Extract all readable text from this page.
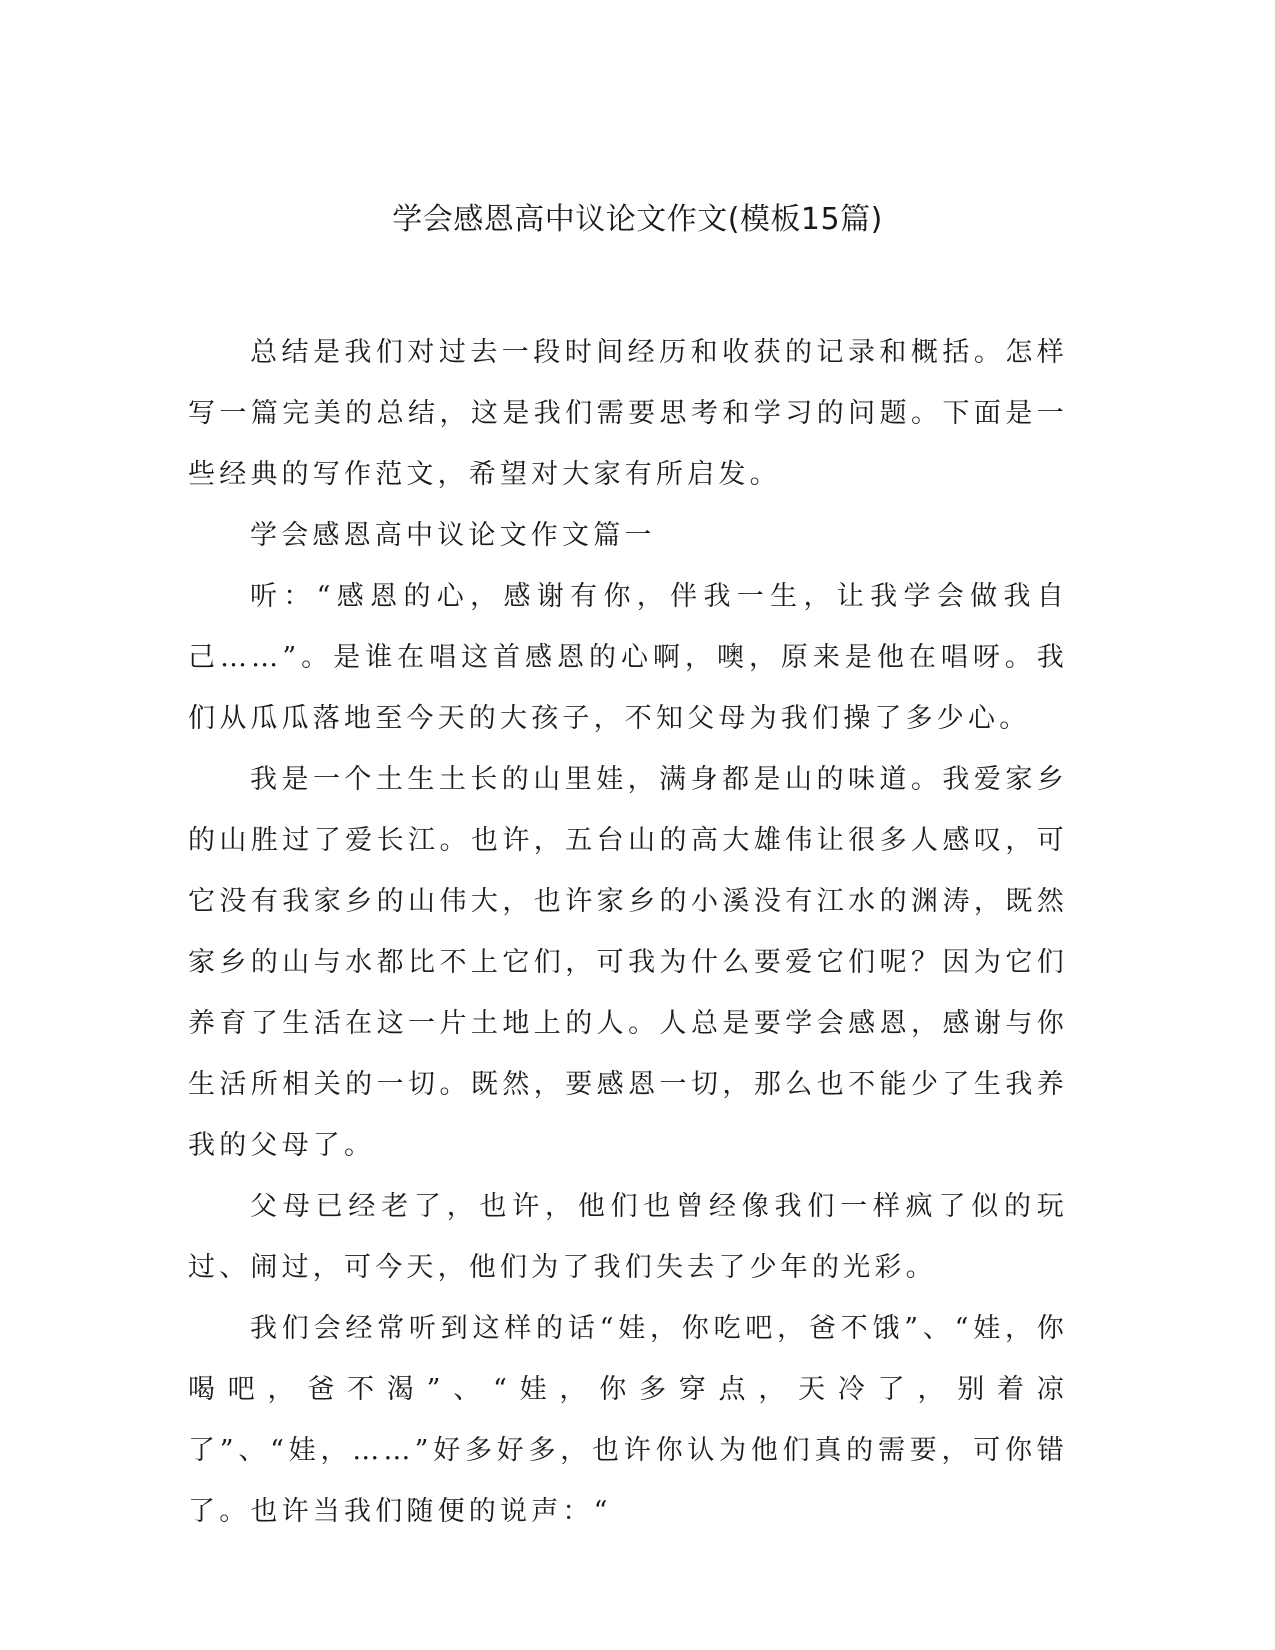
学会感恩高中议论文作文(模板15篇)

总结是我们对过去一段时间经历和收获的记录和概括。怎样写一篇完美的总结，这是我们需要思考和学习的问题。下面是一些经典的写作范文，希望对大家有所启发。

学会感恩高中议论文作文篇一

听：“感恩的心，感谢有你，伴我一生，让我学会做我自己……”。是谁在唱这首感恩的心啊，噢，原来是他在唱呀。我们从瓜瓜落地至今天的大孩子，不知父母为我们操了多少心。

我是一个土生土长的山里娃，满身都是山的味道。我爱家乡的山胜过了爱长江。也许，五台山的高大雄伟让很多人感叹，可它没有我家乡的山伟大，也许家乡的小溪没有江水的渊涛，既然家乡的山与水都比不上它们，可我为什么要爱它们呢？因为它们养育了生活在这一片土地上的人。人总是要学会感恩，感谢与你生活所相关的一切。既然，要感恩一切，那么也不能少了生我养我的父母了。

父母已经老了，也许，他们也曾经像我们一样疯了似的玩过、闹过，可今天，他们为了我们失去了少年的光彩。

我们会经常听到这样的话“娃，你吃吧，爸不饿”、“娃，你喝吧，爸不渴”、“娃，你多穿点，天冷了，别着凉了”、“娃，……”好多好多，也许你认为他们真的需要，可你错了。也许当我们随便的说声：“
